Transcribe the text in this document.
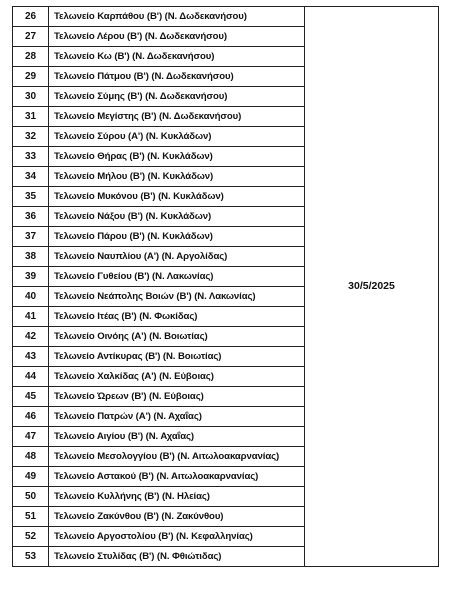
26	Τελωνείο Καρπάθου (Β') (Ν. Δωδεκανήσου)	30/5/2025
27	Τελωνείο Λέρου (Β') (Ν. Δωδεκανήσου)	
28	Τελωνείο Κω (Β') (Ν. Δωδεκανήσου)	
29	Τελωνείο Πάτμου (Β') (Ν. Δωδεκανήσου)	
30	Τελωνείο Σύμης (Β') (Ν. Δωδεκανήσου)	
31	Τελωνείο Μεγίστης (Β') (Ν. Δωδεκανήσου)	
32	Τελωνείο Σύρου (Α') (Ν. Κυκλάδων)	
33	Τελωνείο Θήρας (Β') (Ν. Κυκλάδων)	
34	Τελωνείο Μήλου (Β') (Ν. Κυκλάδων)	
35	Τελωνείο Μυκόνου (Β') (Ν. Κυκλάδων)	
36	Τελωνείο Νάξου (Β') (Ν. Κυκλάδων)	
37	Τελωνείο Πάρου (Β') (Ν. Κυκλάδων)	
38	Τελωνείο Ναυπλίου (Α') (Ν. Αργολίδας)	
39	Τελωνείο Γυθείου (Β') (Ν. Λακωνίας)	
40	Τελωνείο Νεάπολης Βοιών (Β') (Ν. Λακωνίας)	
41	Τελωνείο Ιτέας (Β') (Ν. Φωκίδας)	
42	Τελωνείο Οινόης (Α') (Ν. Βοιωτίας)	
43	Τελωνείο Αντίκυρας (Β') (Ν. Βοιωτίας)	
44	Τελωνείο Χαλκίδας (Α') (Ν. Εύβοιας)	
45	Τελωνείο Ώρεων (Β') (Ν. Εύβοιας)	
46	Τελωνείο Πατρών (Α') (Ν. Αχαΐας)	
47	Τελωνείο Αιγίου (Β') (Ν. Αχαΐας)	
48	Τελωνείο Μεσολογγίου (Β') (Ν. Αιτωλοακαρνανίας)	
49	Τελωνείο Αστακού (Β') (Ν. Αιτωλοακαρνανίας)	
50	Τελωνείο Κυλλήνης (Β') (Ν. Ηλείας)	
51	Τελωνείο Ζακύνθου (Β') (Ν. Ζακύνθου)	
52	Τελωνείο Αργοστολίου (Β') (Ν. Κεφαλληνίας)	
53	Τελωνείο Στυλίδας (Β') (Ν. Φθιώτιδας)	
